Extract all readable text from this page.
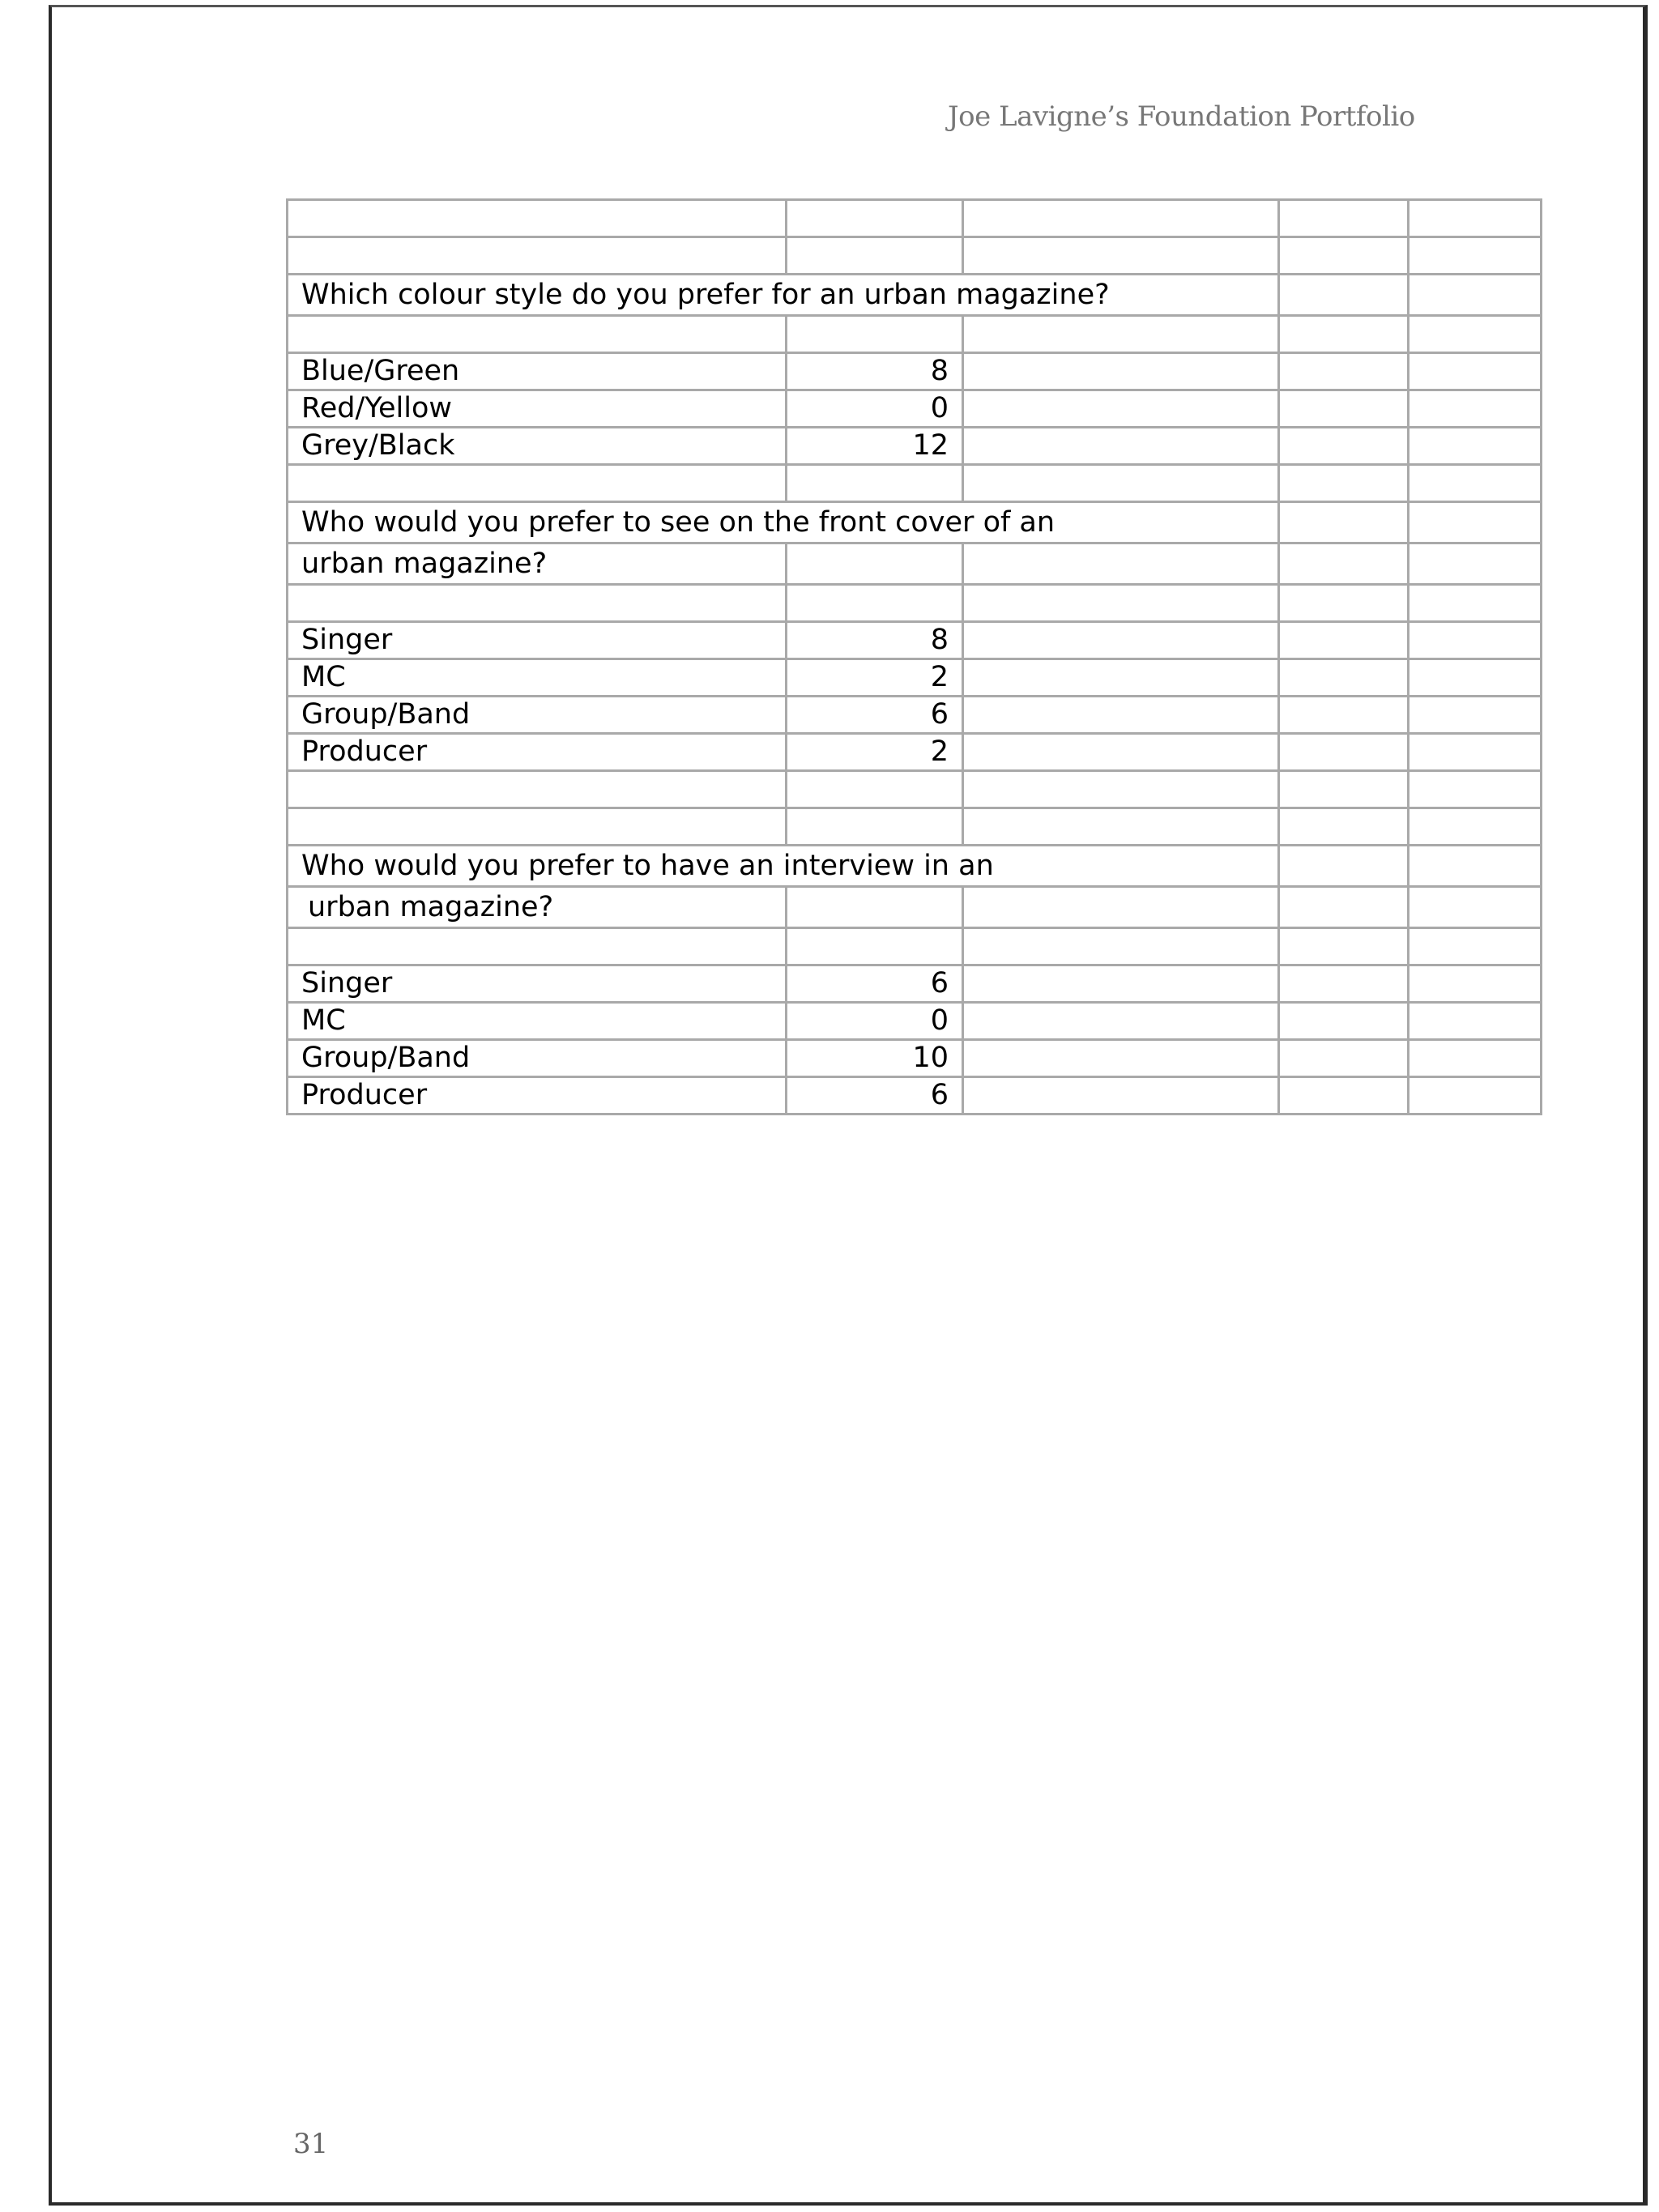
Joe Lavigne’s Foundation Portfolio

Which colour style do you prefer for an urban magazine?				

Blue/Green	8			
Red/Yellow	0			
Grey/Black	12			

Who would you prefer to see on the front cover of an				
urban magazine?				

Singer	8			
MC	2			
Group/Band	6			
Producer	2			

Who would you prefer to have an interview in an				
urban magazine?				

Singer	6			
MC	0			
Group/Band	10			
Producer	6			
31
